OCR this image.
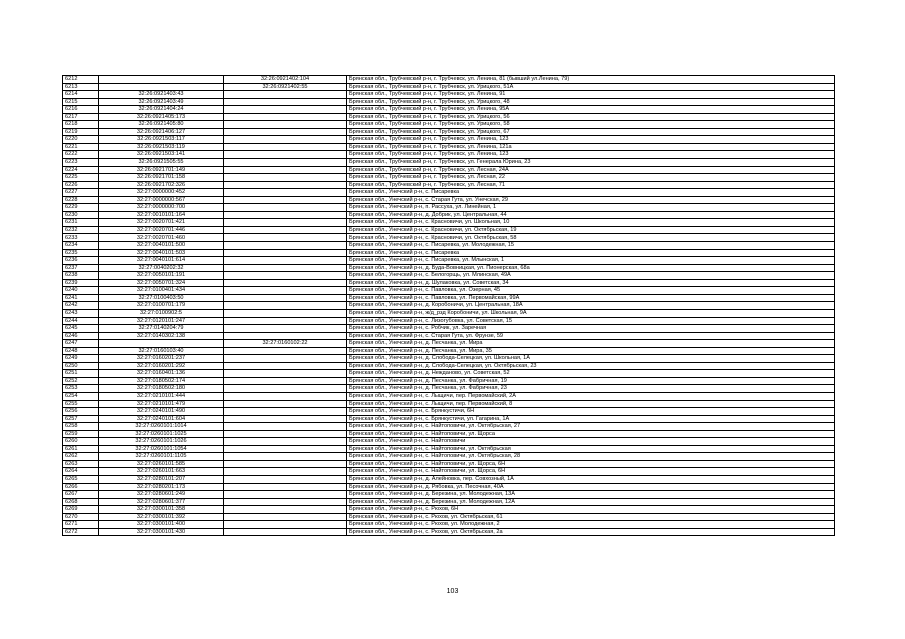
6212		32:26:0921402:104	Брянская обл., Трубчевский р-н, г. Трубчевск, ул. Ленина, 81 (бывший ул.Ленина, 79)
6213		32:26:0921402:55	Брянская обл., Трубчевский р-н, г. Трубчевск, ул. Урицкого, 51А
6214	32:26:0921403:43		Брянская обл., Трубчевский р-н, г. Трубчевск, ул. Ленина, 91
6215	32:26:0921403:49		Брянская обл., Трубчевский р-н, г. Трубчевск, ул. Урицкого, 48
6216	32:26:0921404:24		Брянская обл., Трубчевский р-н, г. Трубчевск, ул. Ленина, 95А
6217	32:26:0921405:173		Брянская обл., Трубчевский р-н, г. Трубчевск, ул. Урицкого, 56
6218	32:26:0921405:80		Брянская обл., Трубчевский р-н, г. Трубчевск, ул. Урицкого, 58
6219	32:26:0921406:127		Брянская обл., Трубчевский р-н, г. Трубчевск, ул. Урицкого, 67
6220	32:26:0921503:117		Брянская обл., Трубчевский р-н, г. Трубчевск, ул. Ленина, 123
6221	32:26:0921503:119		Брянская обл., Трубчевский р-н, г. Трубчевск, ул. Ленина, 121а
6222	32:26:0921503:141		Брянская обл., Трубчевский р-н, г. Трубчевск, ул. Ленина, 123
6223	32:26:0921505:55		Брянская обл., Трубчевский р-н, г. Трубчевск, ул. Генерала Юрина, 23
6224	32:26:0921701:149		Брянская обл., Трубчевский р-н, г. Трубчевск, ул. Лесная, 24А
6225	32:26:0921701:158		Брянская обл., Трубчевский р-н, г. Трубчевск, ул. Лесная, 22
6226	32:26:0921702:326		Брянская обл., Трубчевский р-н, г. Трубчевск, ул. Лесная, 71
6227	32:27:0000000:452		Брянская обл., Унечский р-н, с. Писаревка
6228	32:27:0000000:567		Брянская обл., Унечский р-н, с. Старая Гута, ул. Унечская, 29
6229	32:27:0000000:700		Брянская обл., Унечский р-н, п. Рассуха, ул. Линейная, 1
6230	32:27:0010101:164		Брянская обл., Унечский р-н, д. Добрик, ул. Центральная, 44
6231	32:27:0020701:421		Брянская обл., Унечский р-н, с. Красновичи, ул. Школьная, 10
6232	32:27:0020701:446		Брянская обл., Унечский р-н, с. Красновичи, ул. Октябрьская, 19
6233	32:27:0020701:460		Брянская обл., Унечский р-н, с. Красновичи, ул. Октябрьская, 58
6234	32:27:0040101:500		Брянская обл., Унечский р-н, с. Писаревка, ул. Молодежная, 15
6235	32:27:0040101:503		Брянская обл., Унечский р-н, с. Писаревка
6236	32:27:0040101:614		Брянская обл., Унечский р-н, с. Писаревка, ул. Млынская, 1
6237	32:27:0040202:32		Брянская обл., Унечский р-н, д. Буда-Вовницкая, ул. Пионерская, 68а
6238	32:27:0050101:191		Брянская обл., Унечский р-н, с. Белогорщь, ул. Млинская, 49А
6239	32:27:0050701:324		Брянская обл., Унечский р-н, д. Шулаковка, ул. Советская, 34
6240	32:27:0100401:434		Брянская обл., Унечский р-н, с. Павловка, ул. Озерная, 45
6241	32:27:0100403:50		Брянская обл., Унечский р-н, с. Павловка, ул. Первомайская, 99А
6242	32:27:0100701:179		Брянская обл., Унечский р-н, д. Коробоничи, ул. Центральная, 18А
6243	32:27:0100902:5		Брянская обл., Унечский р-н, ж/д_рзд Коробоничи, ул. Школьная, 9А
6244	32:27:0120101:247		Брянская обл., Унечский р-н, с. Лизогубовка, ул. Советская, 15
6245	32:27:0140204:79		Брянская обл., Унечский р-н, с. Робчик, ул. Заречная
6246	32:27:0140302:138		Брянская обл., Унечский р-н, с. Старая Гута, ул. Фрунзе, 59
6247		32:27:0160102:22	Брянская обл., Унечский р-н, д. Песчанка, ул. Мира
6248	32:27:0160103:40		Брянская обл., Унечский р-н, д. Песчанка, ул. Мира, 35
6249	32:27:0160201:237		Брянская обл., Унечский р-н, д. Слобода-Селецкая, ул. Школьная, 1А
6250	32:27:0160201:292		Брянская обл., Унечский р-н, д. Слобода-Селецкая, ул. Октябрьская, 23
6251	32:27:0160401:136		Брянская обл., Унечский р-н, д. Нежданово, ул. Советская, 52
6252	32:27:0180502:174		Брянская обл., Унечский р-н, д. Песчанка, ул. Фабричная, 19
6253	32:27:0180502:180		Брянская обл., Унечский р-н, д. Песчанка, ул. Фабричная, 23
6254	32:27:0210101:444		Брянская обл., Унечский р-н, с. Лыщичи, пер. Первомайский, 2А
6255	32:27:0210101:479		Брянская обл., Унечский р-н, с. Лыщичи, пер. Первомайский, 8
6256	32:27:0240101:490		Брянская обл., Унечский р-н, с. Брянкустичи, 6Н
6257	32:27:0240101:604		Брянская обл., Унечский р-н, с. Брянкустичи, ул. Гагарина, 1А
6258	32:27:0260101:1014		Брянская обл., Унечский р-н, с. Найтоповичи, ул. Октябрьская, 27
6259	32:27:0260101:1025		Брянская обл., Унечский р-н, с. Найтоповичи, ул. Щорса
6260	32:27:0260101:1026		Брянская обл., Унечский р-н, с. Найтоповичи
6261	32:27:0260101:1054		Брянская обл., Унечский р-н, с. Найтоповичи, ул. Октябрьская
6262	32:27:0260101:1105		Брянская обл., Унечский р-н, с. Найтоповичи, ул. Октябрьская, 28
6263	32:27:0260101:585		Брянская обл., Унечский р-н, с. Найтоповичи, ул. Щорса, 6Н
6264	32:27:0260101:663		Брянская обл., Унечский р-н, с. Найтоповичи, ул. Щорса, 6Н
6265	32:27:0280101:207		Брянская обл., Унечский р-н, д. Алейновка, пер. Совхозный, 1А
6266	32:27:0280201:173		Брянская обл., Унечский р-н, д. Рябовка, ул. Песочная, 40А
6267	32:27:0280601:249		Брянская обл., Унечский р-н, д. Березина, ул. Молодежная, 13А
6268	32:27:0280601:377		Брянская обл., Унечский р-н, д. Березина, ул. Молодежная, 12А
6269	32:27:0300101:358		Брянская обл., Унечский р-н, с. Рюхов, 6Н
6270	32:27:0300101:392		Брянская обл., Унечский р-н, с. Рюхов, ул. Октябрьская, 61
6271	32:27:0300101:400		Брянская обл., Унечский р-н, с. Рюхов, ул. Молодежная, 2
6272	32:27:0300101:430		Брянская обл., Унечский р-н, с. Рюхов, ул. Октябрьская, 2а
103
